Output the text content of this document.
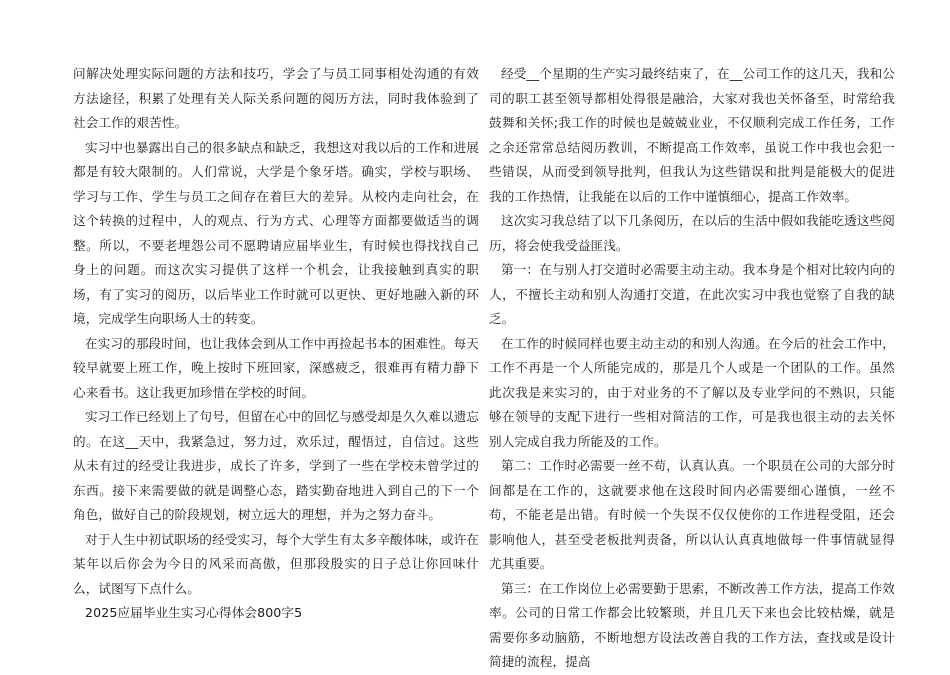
问解决处理实际问题的方法和技巧，学会了与员工同事相处沟通的有效方法途径，积累了处理有关人际关系问题的阅历方法，同时我体验到了社会工作的艰苦性。

实习中也暴露出自己的很多缺点和缺乏，我想这对我以后的工作和进展都是有较大限制的。人们常说，大学是个象牙塔。确实，学校与职场、学习与工作、学生与员工之间存在着巨大的差异。从校内走向社会，在这个转换的过程中，人的观点、行为方式、心理等方面都要做适当的调整。所以，不要老埋怨公司不愿聘请应届毕业生，有时候也得找找自己身上的问题。而这次实习提供了这样一个机会，让我接触到真实的职场，有了实习的阅历，以后毕业工作时就可以更快、更好地融入新的环境，完成学生向职场人士的转变。

在实习的那段时间，也让我体会到从工作中再捡起书本的困难性。每天较早就要上班工作，晚上按时下班回家，深感疲乏，很难再有精力静下心来看书。这让我更加珍惜在学校的时间。

实习工作已经划上了句号，但留在心中的回忆与感受却是久久难以遗忘的。在这__天中，我紧急过，努力过，欢乐过，醒悟过，自信过。这些从未有过的经受让我进步，成长了许多，学到了一些在学校未曾学过的东西。接下来需要做的就是调整心态，踏实勤奋地进入到自己的下一个角色，做好自己的阶段规划，树立远大的理想，并为之努力奋斗。

对于人生中初试职场的经受实习，每个大学生有太多辛酸体味，或许在某年以后你会为今日的风采而高傲，但那段殷实的日子总让你回味什么，试图写下点什么。

2025应届毕业生实习心得体会800字5

经受__个星期的生产实习最终结束了，在__公司工作的这几天，我和公司的职工甚至领导都相处得很是融洽，大家对我也关怀备至，时常给我鼓舞和关怀;我工作的时候也是兢兢业业，不仅顺利完成工作任务，工作之余还常常总结阅历教训，不断提高工作效率，虽说工作中我也会犯一些错误，从而受到领导批判，但我认为这些错误和批判是能极大的促进我的工作热情，让我能在以后的工作中谨慎细心，提高工作效率。

这次实习我总结了以下几条阅历，在以后的生活中假如我能吃透这些阅历，将会使我受益匪浅。

第一：在与别人打交道时必需要主动主动。我本身是个相对比较内向的人，不擅长主动和别人沟通打交道，在此次实习中我也觉察了自我的缺乏。

在工作的时候同样也要主动主动的和别人沟通。在今后的社会工作中，工作不再是一个人所能完成的，那是几个人或是一个团队的工作。虽然此次我是来实习的，由于对业务的不了解以及专业学问的不熟识，只能够在领导的支配下进行一些相对简洁的工作，可是我也很主动的去关怀别人完成自我力所能及的工作。

第二：工作时必需要一丝不苟，认真认真。一个职员在公司的大部分时间都是在工作的，这就要求他在这段时间内必需要细心谨慎，一丝不苟，不能老是出错。有时候一个失误不仅仅使你的工作进程受阻，还会影响他人，甚至受老板批判责备，所以认认真真地做每一件事情就显得尤其重要。

第三：在工作岗位上必需要勤于思索，不断改善工作方法，提高工作效率。公司的日常工作都会比较繁琐，并且几天下来也会比较枯燥，就是需要你多动脑筋，不断地想方设法改善自我的工作方法，查找或是设计简捷的流程，提高
